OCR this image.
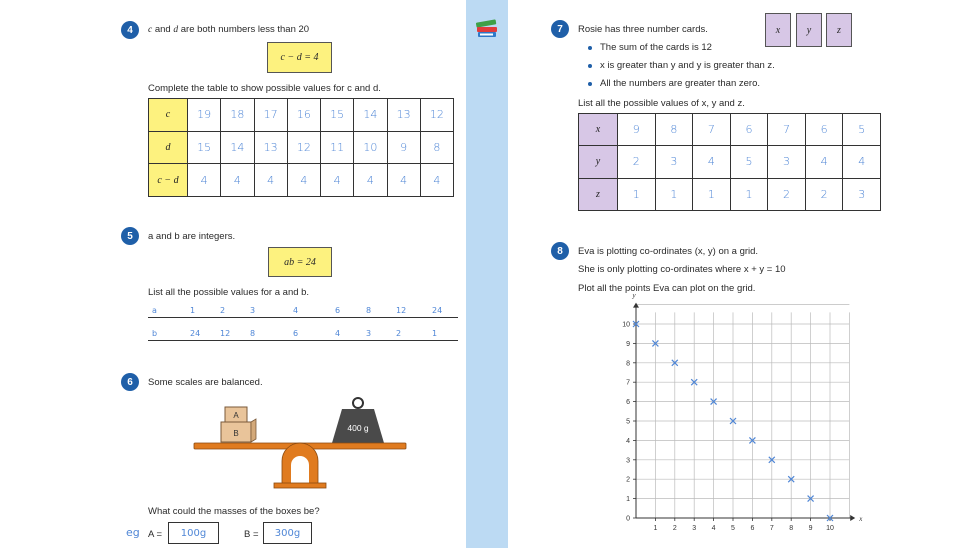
4	c and d are both numbers less than 20
c − d = 4
Complete the table to show possible values for c and d.
c	19	18	17	16	15	14	13	12
d	15	14	13	12	11	10	9	8
c − d	4	4	4	4	4	4	4	4
5	a and b are integers.
ab = 24
List all the possible values for a and b.
a	1	2	3	4	6	8	12	24
b	24 12 8	6	4	3	2	1
6	Some scales are balanced.
A
B
400 g
What could the masses of the boxes be?
eg A =	100g	B =	300g
7	Rosie has three number cards.	x	y	z
The sum of the cards is 12
x is greater than y and y is greater than z.
All the numbers are greater than zero.
List all the possible values of x, y and z.
x	9	8	7	6	7	6	5
y	2	3	4	5	3	4	4
z	1	1	1	1	2	2	3
8	Eva is plotting co-ordinates (x, y) on a grid.
She is only plotting co-ordinates where x + y = 10
Plot all the points Eva can plot on the grid.
1 2 3 4 5 6 7 8 9 10
0
1
2
3
4
5
6
7
8
9
10
x
y
